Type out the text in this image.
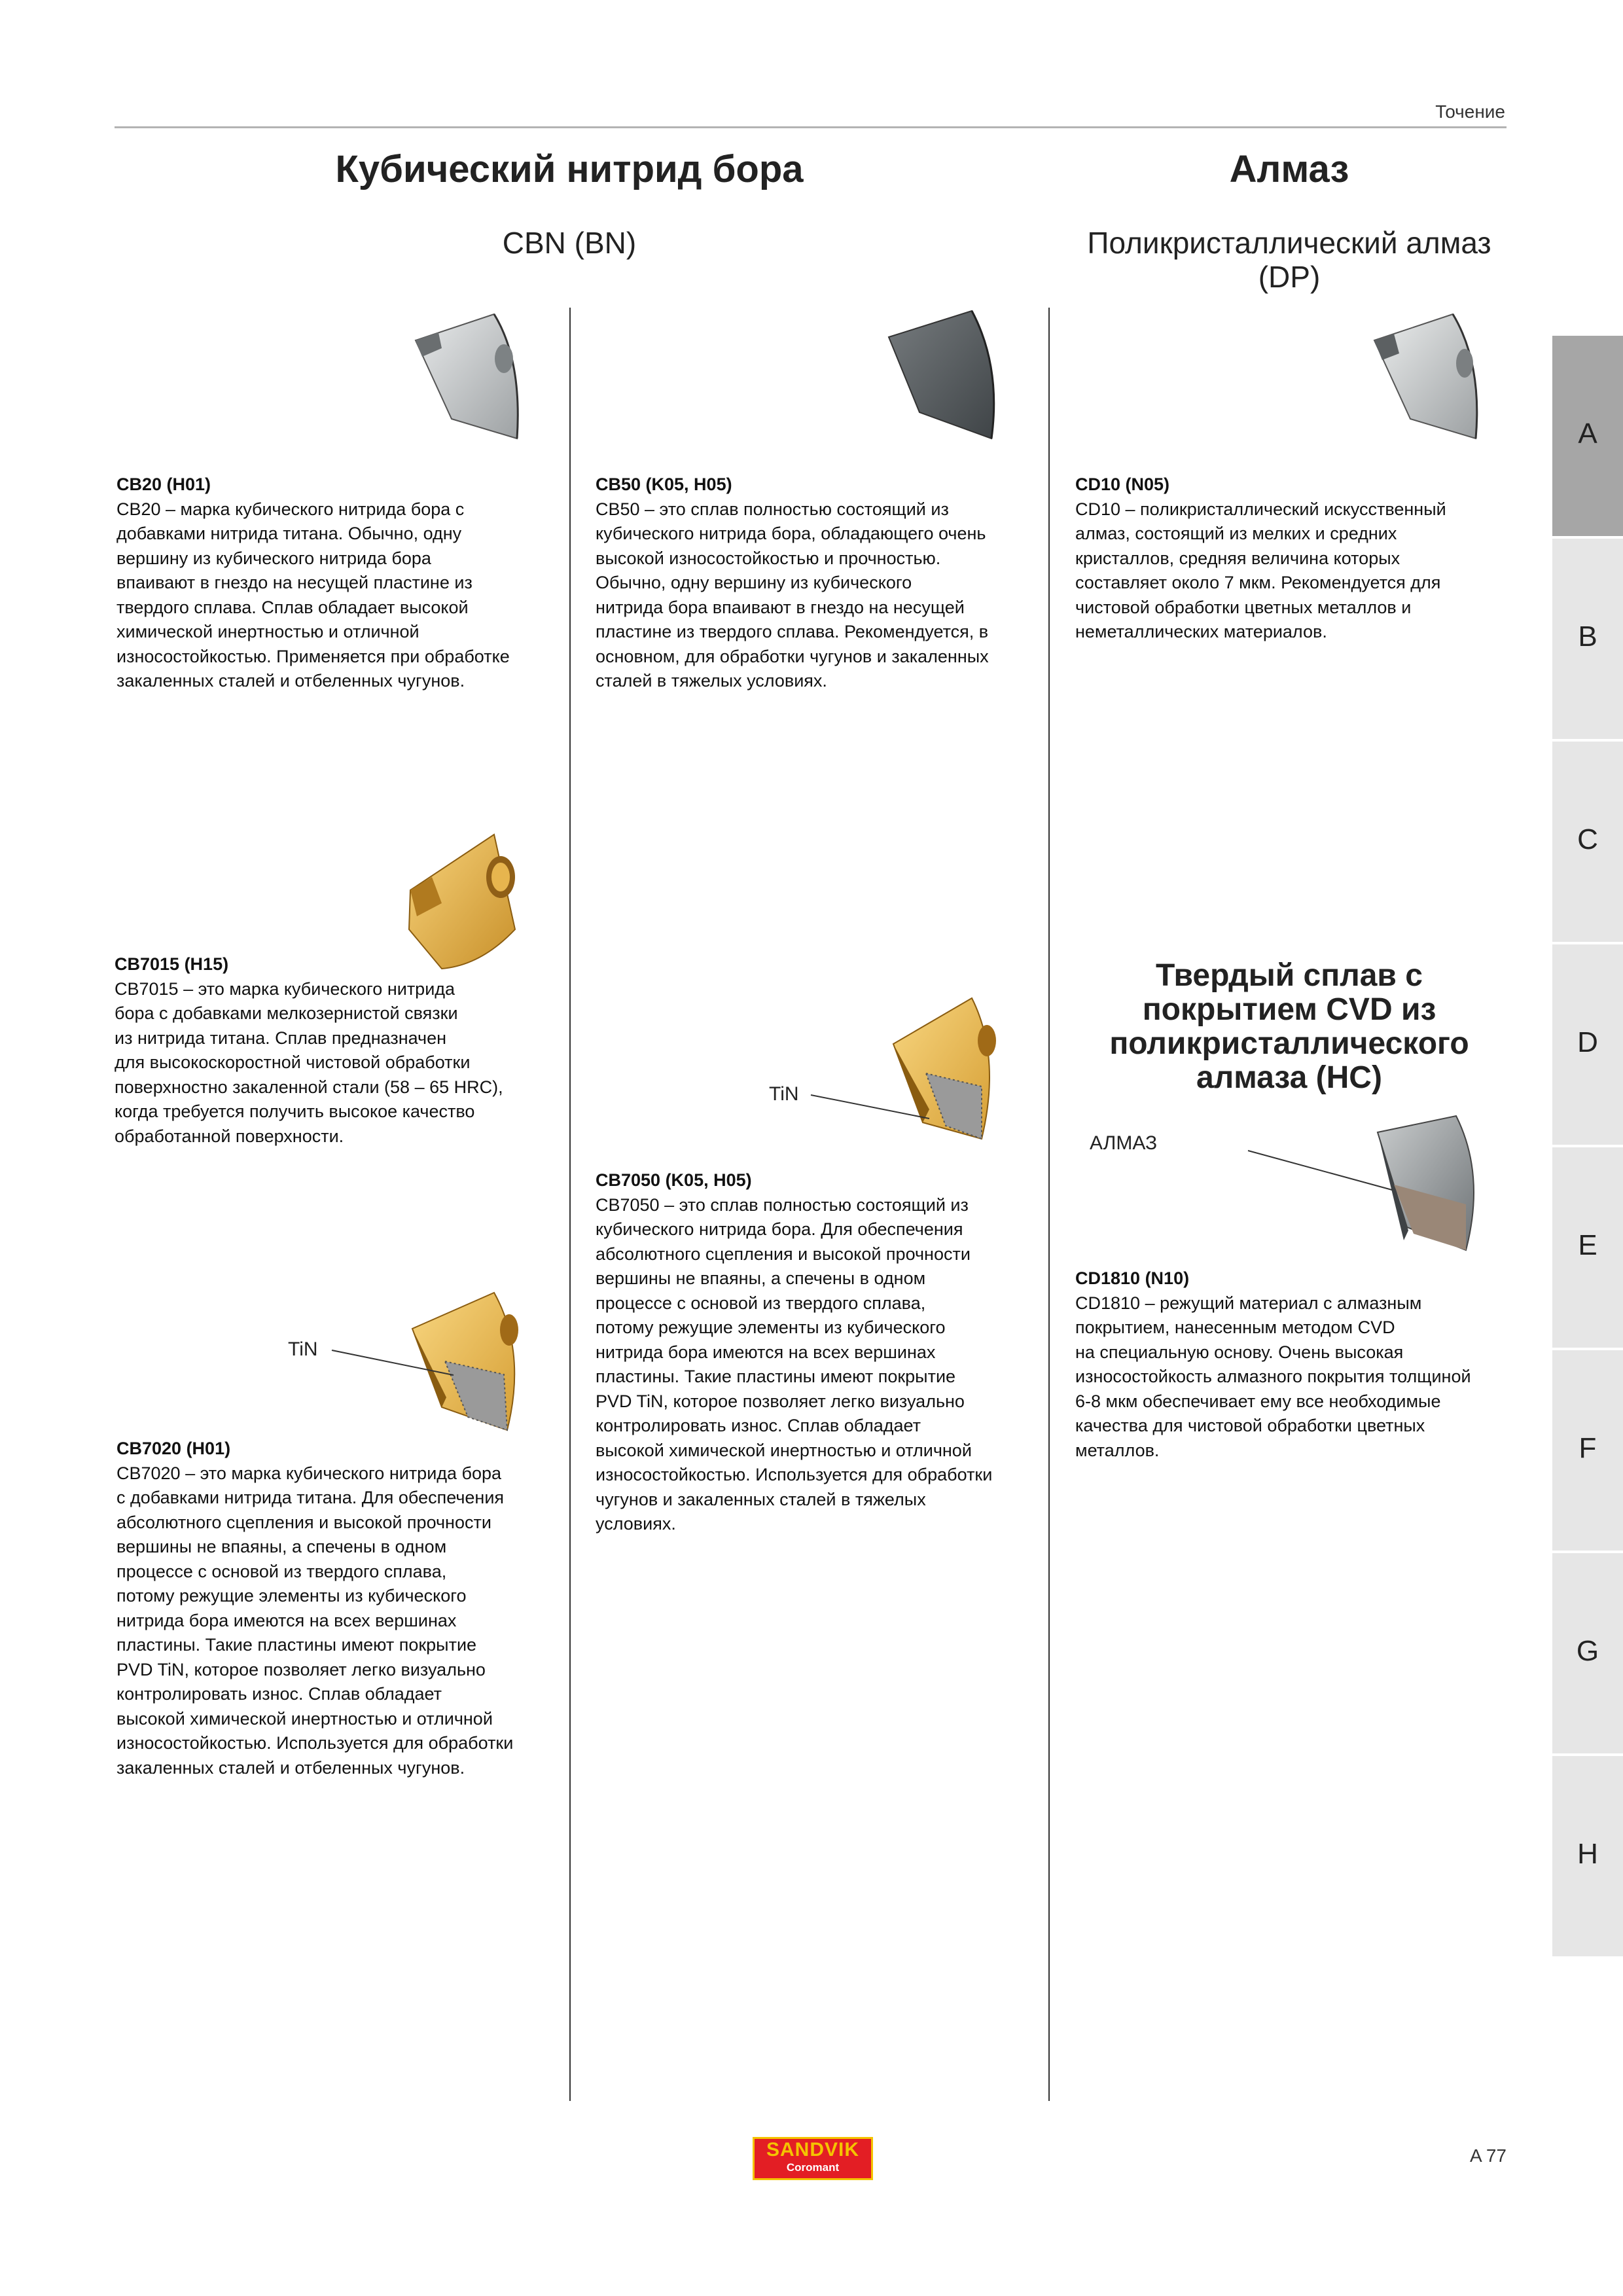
Точение
Кубический нитрид бора
CBN (BN)
Алмаз
Поликристаллический алмаз (DP)
TiN
TiN
АЛМАЗ
CB20 (H01)
CB20 – марка кубического нитрида бора с
добавками нитрида титана. Обычно, одну
вершину из кубического нитрида бора
впаивают в гнездо на несущей пластине из
твердого сплава. Сплав обладает высокой
химической инертностью и отличной
износостойкостью. Применяется при обработке
закаленных сталей и отбеленных чугунов.
CB50 (K05, H05)
CB50 – это сплав полностью состоящий из
кубического нитрида бора, обладающего очень
высокой износостойкостью и прочностью.
Обычно, одну вершину из кубического
нитрида бора впаивают в гнездо на несущей
пластине из твердого сплава. Рекомендуется, в
основном, для обработки чугунов и закаленных
сталей в тяжелых условиях.
CD10 (N05)
CD10 – поликристаллический искусственный
алмаз, состоящий из мелких и средних
кристаллов, средняя величина которых
составляет около 7 мкм. Рекомендуется для
чистовой обработки цветных металлов и
неметаллических материалов.
CB7015 (H15)
CB7015 – это марка кубического нитрида
бора с добавками мелкозернистой связки
из нитрида титана. Сплав предназначен
для высокоскоростной чистовой обработки
поверхностно закаленной стали (58 – 65 HRC),
когда требуется получить высокое качество
обработанной поверхности.
Твердый сплав с покрытием CVD из поликристаллического алмаза (HC)
CB7050 (K05, H05)
CB7050 – это сплав полностью состоящий из
кубического нитрида бора. Для обеспечения
абсолютного сцепления и высокой прочности
вершины не впаяны, а спечены в одном
процессе с основой из твердого сплава,
потому режущие элементы из кубического
нитрида бора имеются на всех вершинах
пластины. Такие пластины имеют покрытие
PVD TiN, которое позволяет легко визуально
контролировать износ. Сплав обладает
высокой химической инертностью и отличной
износостойкостью. Используется для обработки
чугунов и закаленных сталей в тяжелых
условиях.
CD1810 (N10)
CD1810 – режущий материал с алмазным
покрытием, нанесенным методом CVD
на специальную основу. Очень высокая
износостойкость алмазного покрытия толщиной
6-8 мкм обеспечивает ему все необходимые
качества для чистовой обработки цветных
металлов.
CB7020 (H01)
CB7020 – это марка кубического нитрида бора
с добавками нитрида титана. Для обеспечения
абсолютного сцепления и высокой прочности
вершины не впаяны, а спечены в одном
процессе с основой из твердого сплава,
потому режущие элементы из кубического
нитрида бора имеются на всех вершинах
пластины. Такие пластины имеют покрытие
PVD TiN, которое позволяет легко визуально
контролировать износ. Сплав обладает
высокой химической инертностью и отличной
износостойкостью. Используется для обработки
закаленных сталей и отбеленных чугунов.
A
B
C
D
E
F
G
H
SANDVIK
Coromant
A 77
